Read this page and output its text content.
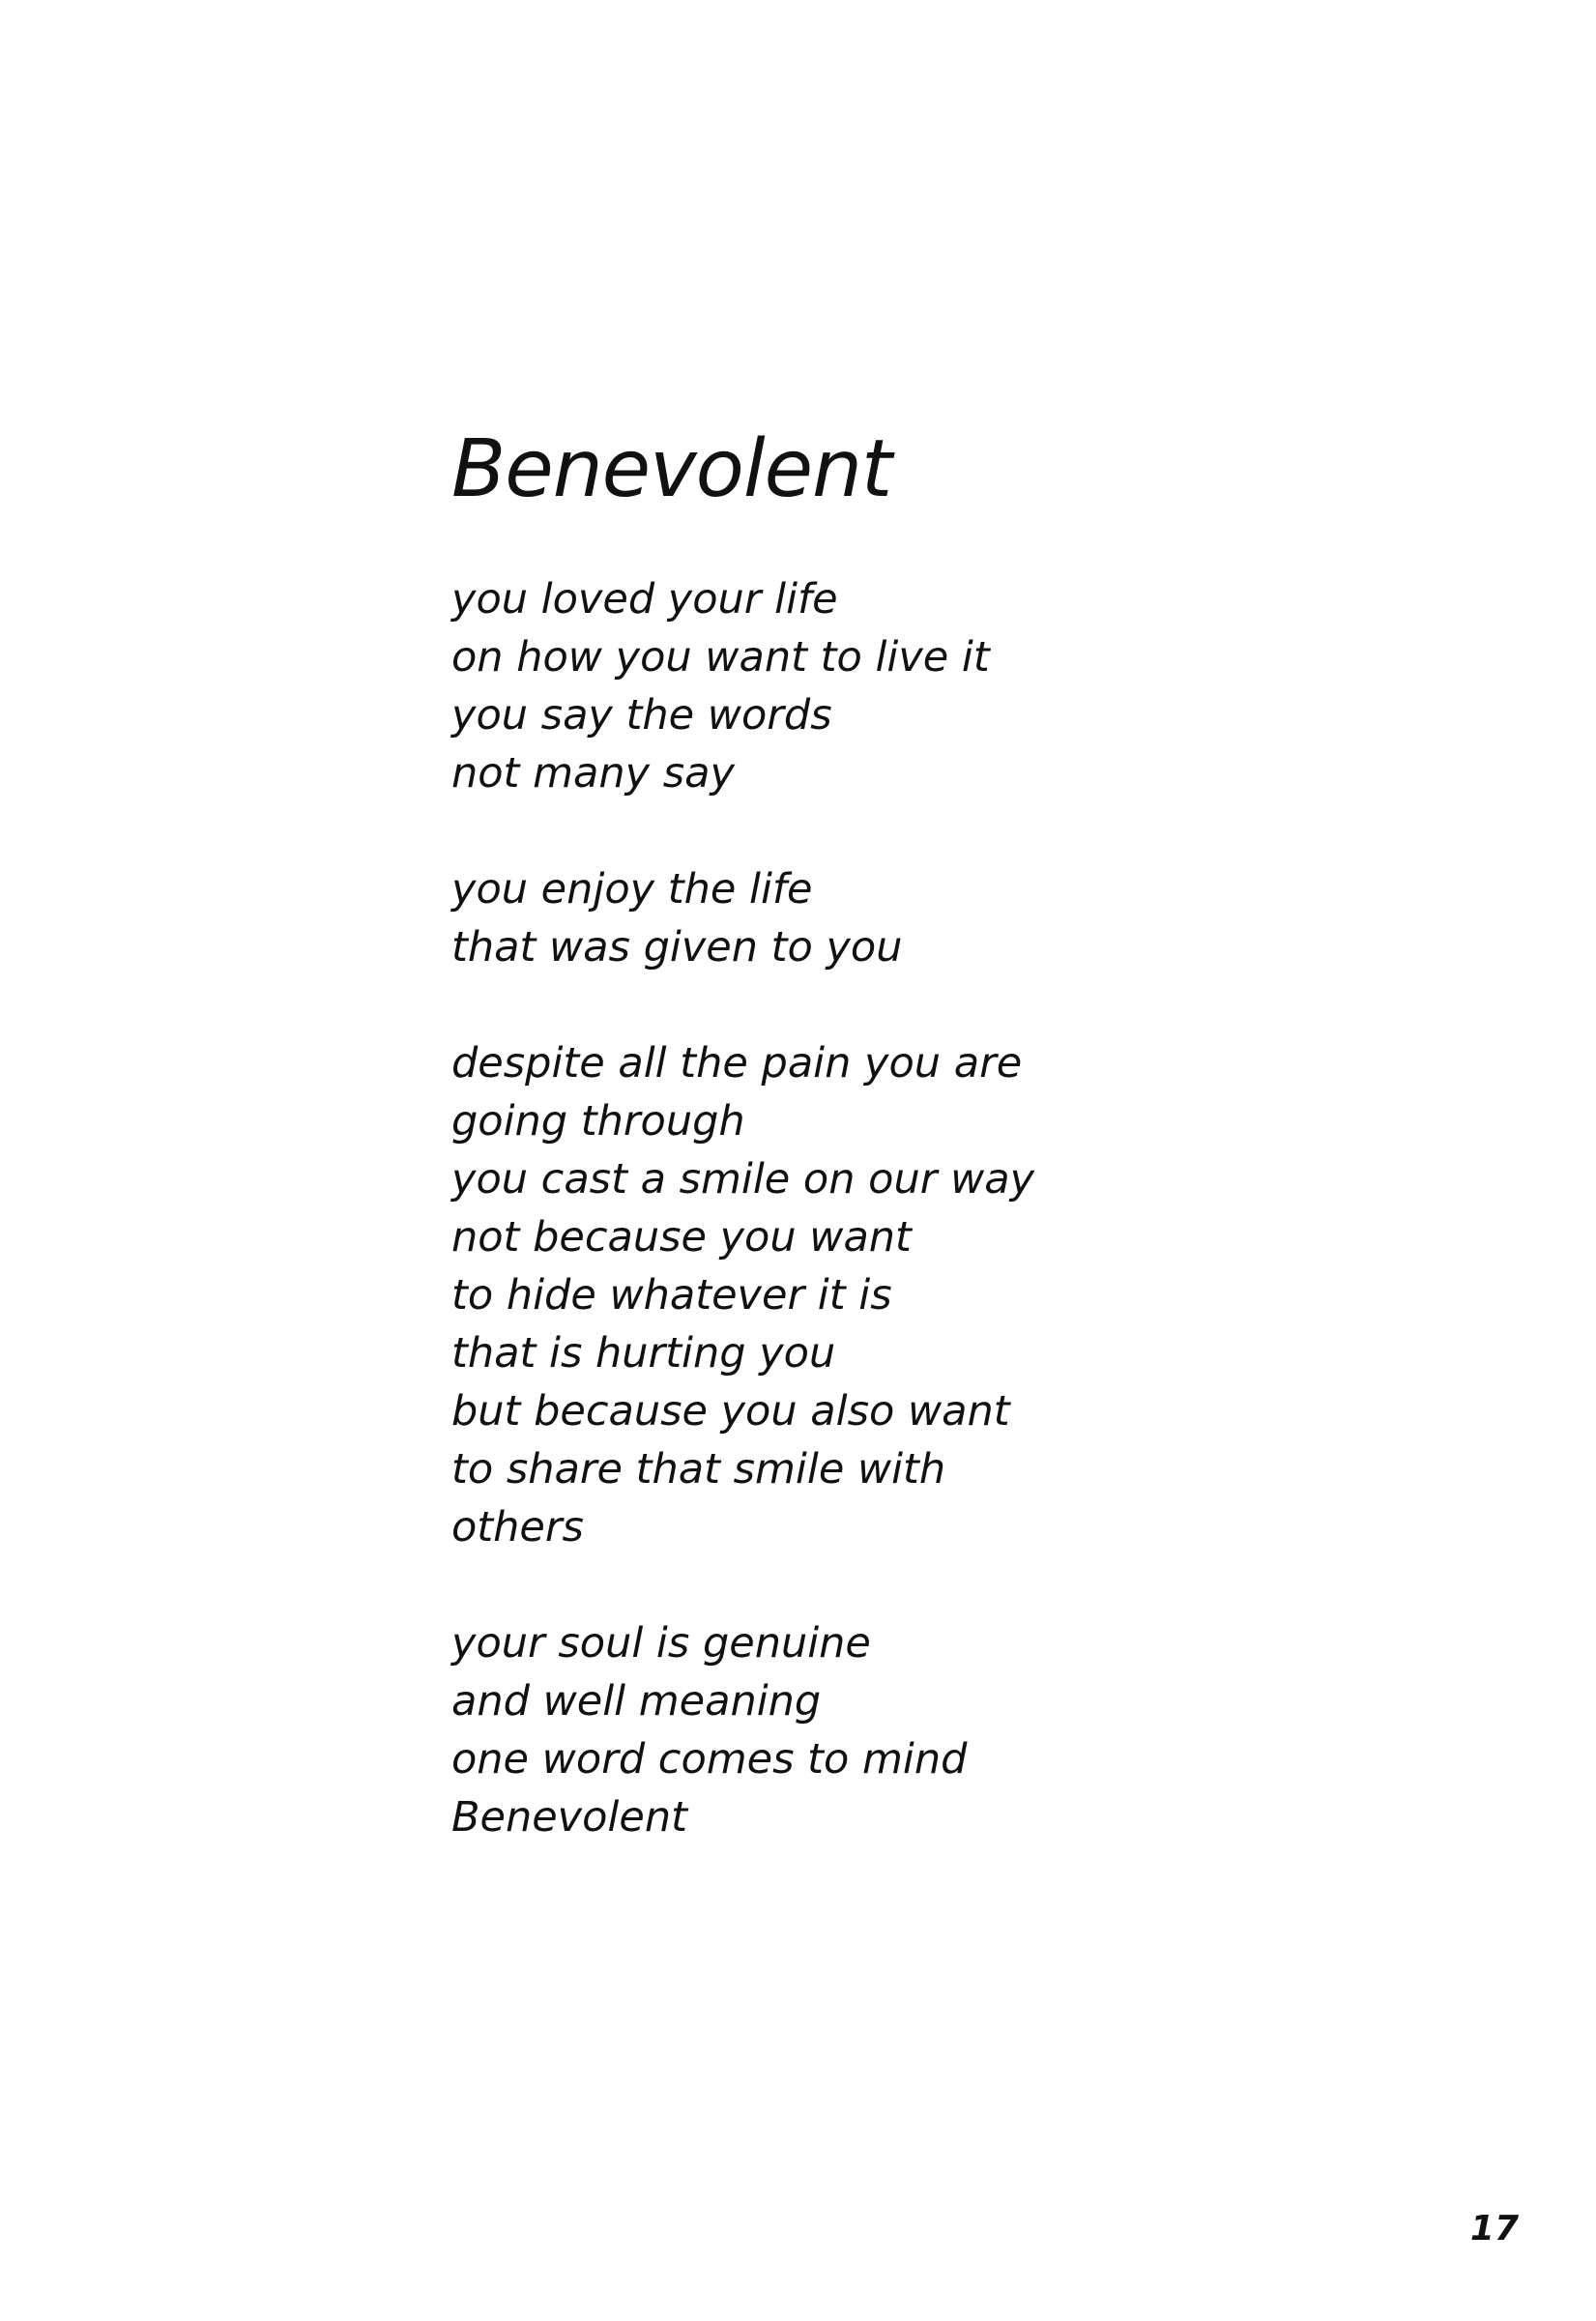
Benevolent

you loved your life
on how you want to live it
you say the words
not many say

you enjoy the life
that was given to you

despite all the pain you are
going through
you cast a smile on our way
not because you want
to hide whatever it is
that is hurting you
but because you also want
to share that smile with
others

your soul is genuine
and well meaning
one word comes to mind
Benevolent

17
